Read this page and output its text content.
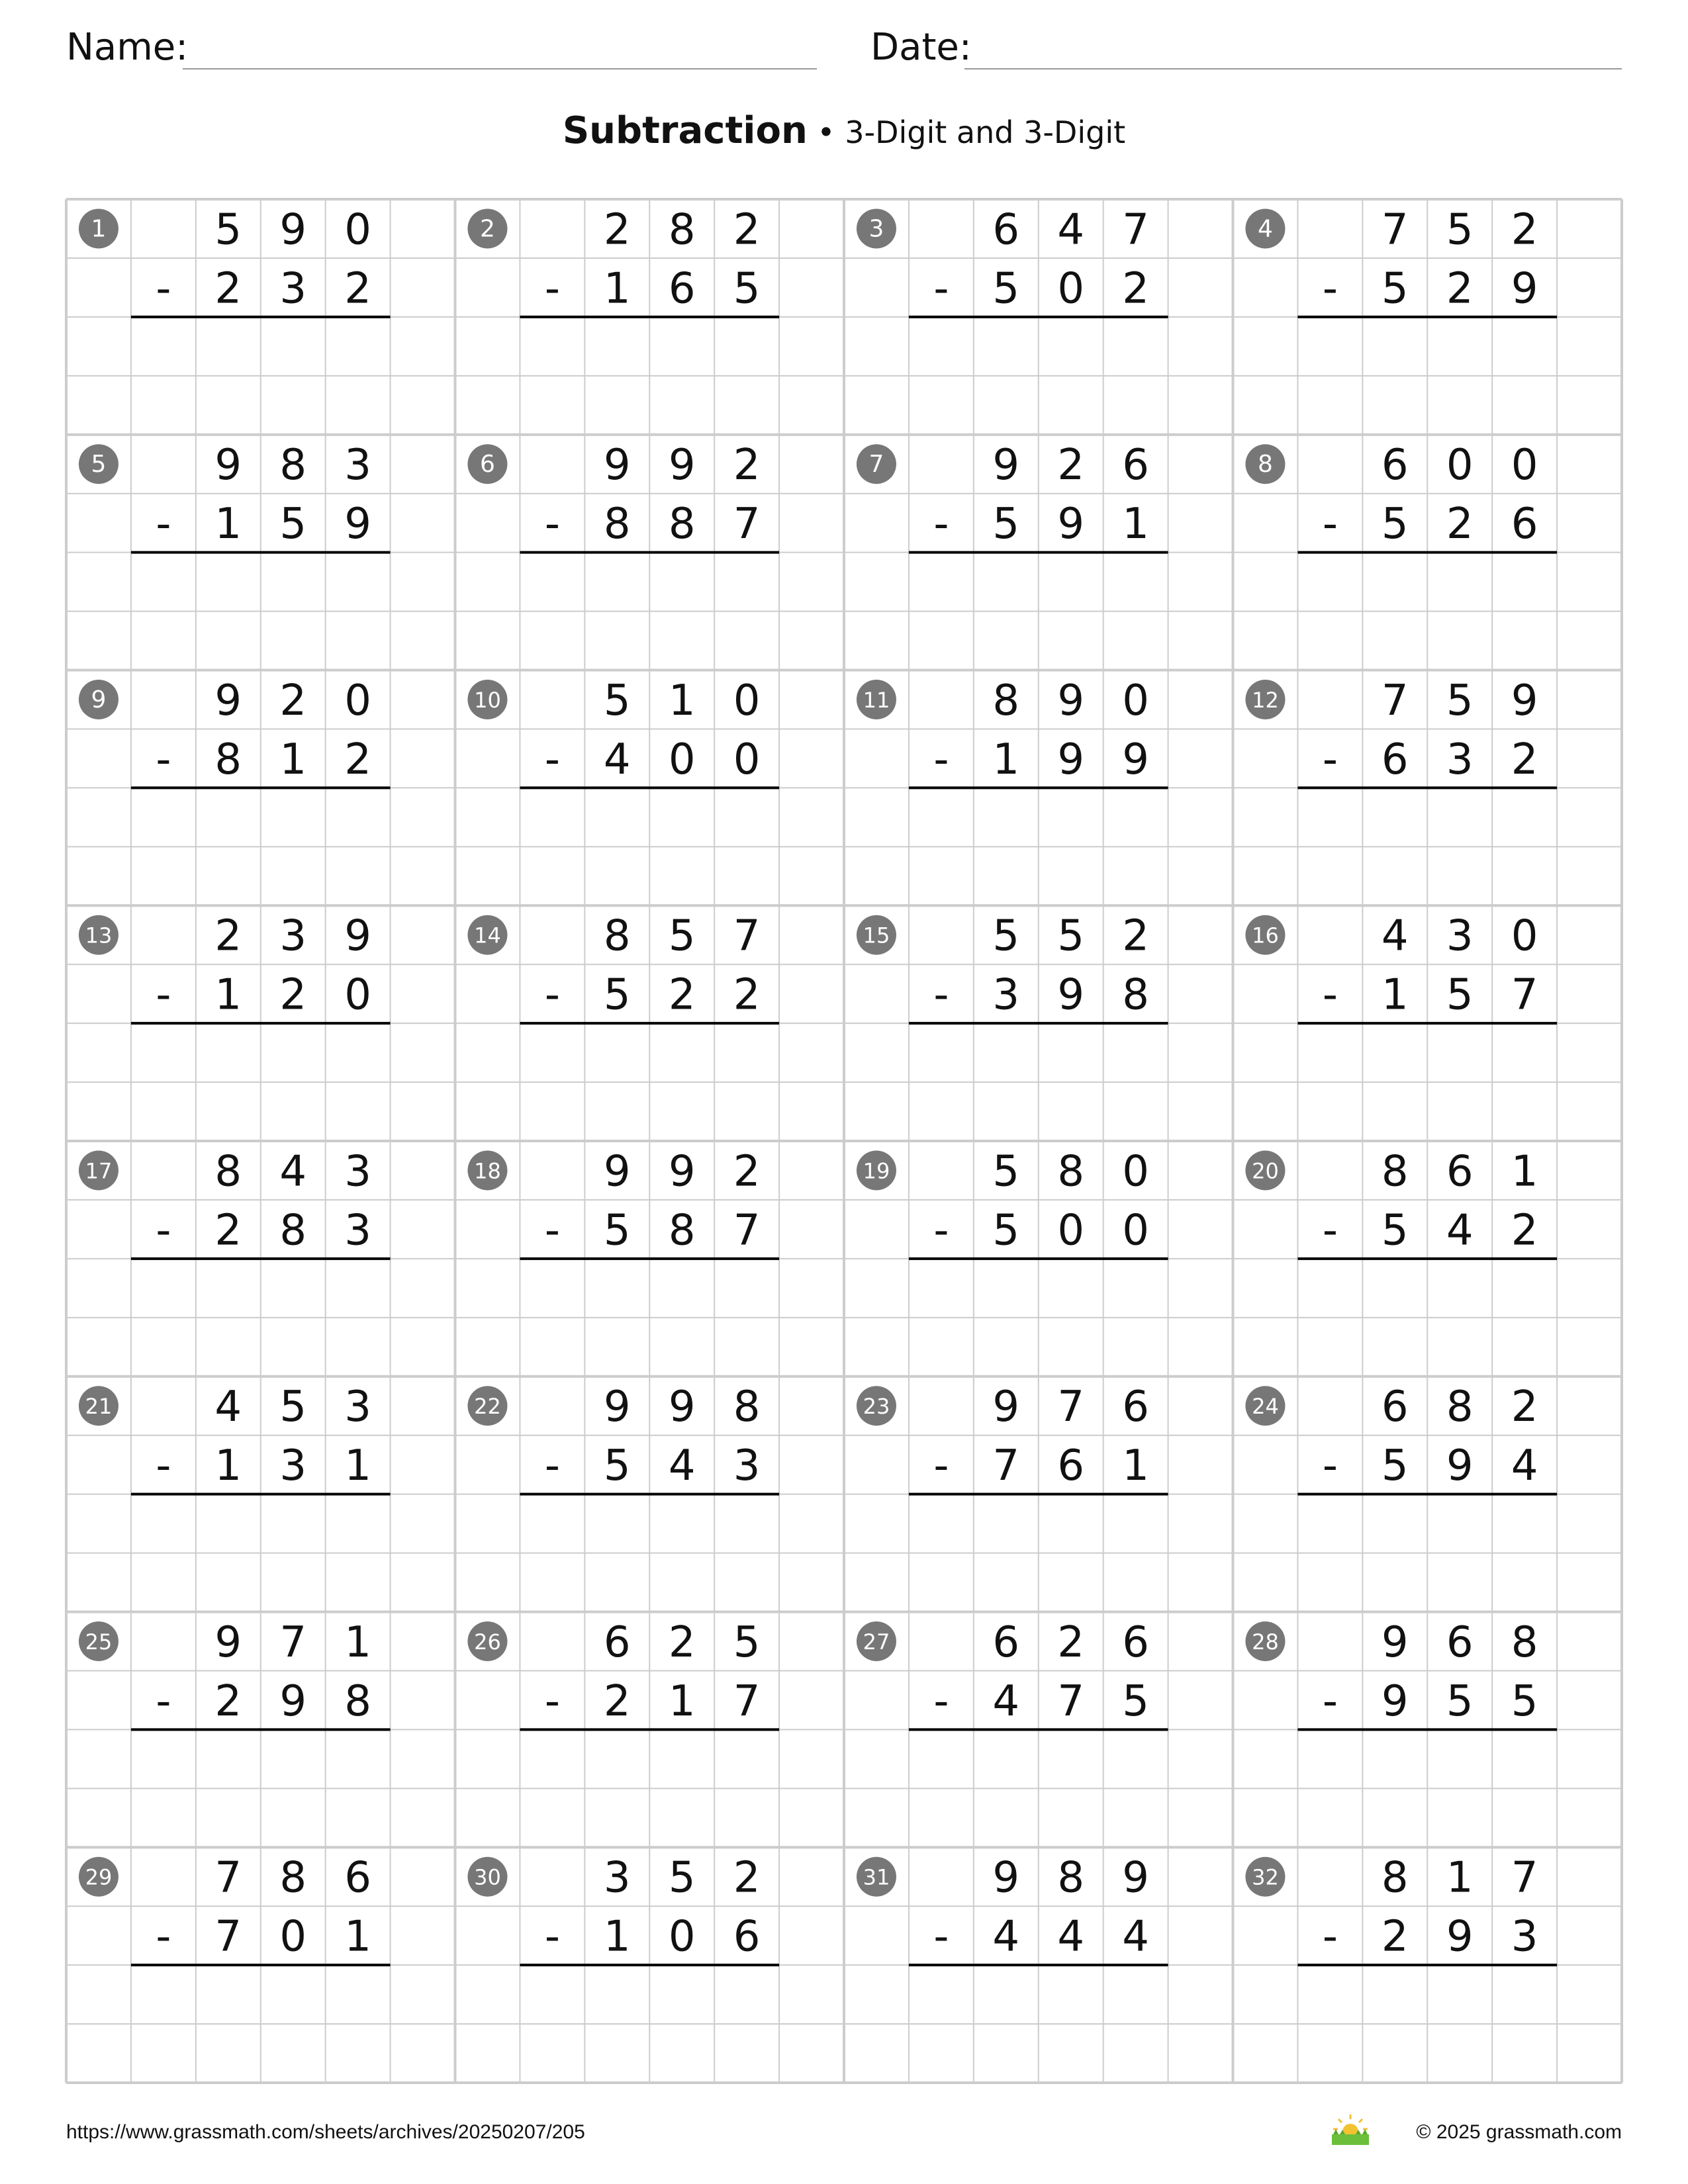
Name:	Date:
Subtraction • 3-Digit and 3-Digit
1	5 9 0
- 2 3 2
2	2 8 2
- 1 6 5
3	6 4 7
- 5 0 2
4	7 5 2
- 5 2 9
5	9 8 3
- 1 5 9
6	9 9 2
- 8 8 7
7	9 2 6
- 5 9 1
8	6 0 0
- 5 2 6
9	9 2 0
- 8 1 2
10 5 1 0
- 4 0 0
11 8 9 0
- 1 9 9
12 7 5 9
- 6 3 2
13 2 3 9
- 1 2 0
14 8 5 7
- 5 2 2
15 5 5 2
- 3 9 8
16 4 3 0
- 1 5 7
17 8 4 3
- 2 8 3
18 9 9 2
- 5 8 7
19 5 8 0
- 5 0 0
20 8 6 1
- 5 4 2
21 4 5 3
- 1 3 1
22 9 9 8
- 5 4 3
23 9 7 6
- 7 6 1
24 6 8 2
- 5 9 4
25 9 7 1
- 2 9 8
26 6 2 5
- 2 1 7
27 6 2 6
- 4 7 5
28 9 6 8
- 9 5 5
29 7 8 6
- 7 0 1
30 3 5 2
- 1 0 6
31 9 8 9
- 4 4 4
32 8 1 7
- 2 9 3
https://www.grassmath.com/sheets/archives/20250207/205	© 2025 grassmath.com
